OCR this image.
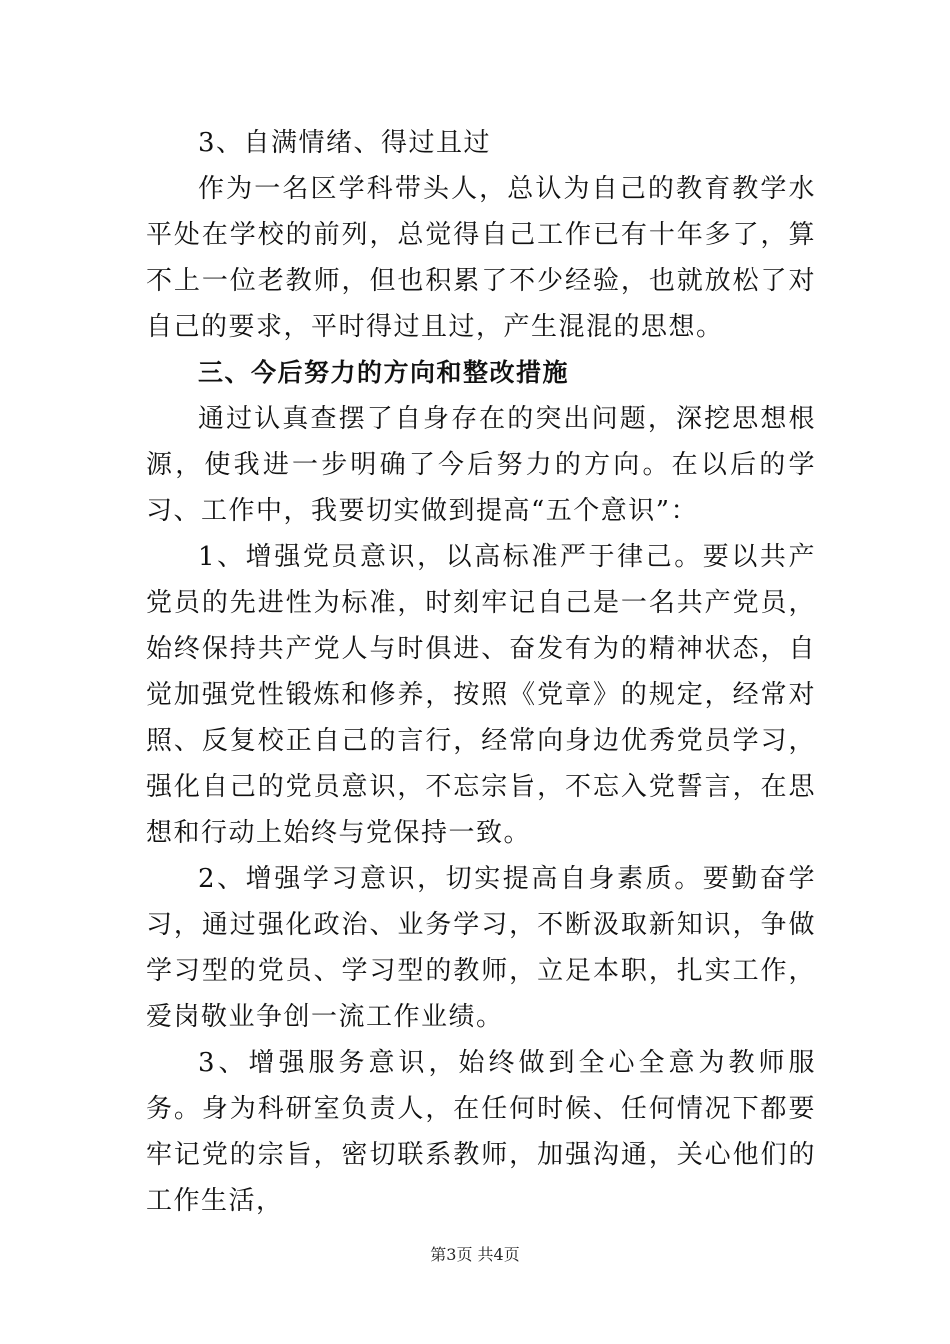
3、自满情绪、得过且过

作为一名区学科带头人，总认为自己的教育教学水平处在学校的前列，总觉得自己工作已有十年多了，算不上一位老教师，但也积累了不少经验，也就放松了对自己的要求，平时得过且过，产生混混的思想。

三、今后努力的方向和整改措施

通过认真查摆了自身存在的突出问题，深挖思想根源，使我进一步明确了今后努力的方向。在以后的学习、工作中，我要切实做到提高“五个意识”：

1、增强党员意识，以高标准严于律己。要以共产党员的先进性为标准，时刻牢记自己是一名共产党员，始终保持共产党人与时俱进、奋发有为的精神状态，自觉加强党性锻炼和修养，按照《党章》的规定，经常对照、反复校正自己的言行，经常向身边优秀党员学习，强化自己的党员意识，不忘宗旨，不忘入党誓言，在思想和行动上始终与党保持一致。

2、增强学习意识，切实提高自身素质。要勤奋学习，通过强化政治、业务学习，不断汲取新知识，争做学习型的党员、学习型的教师，立足本职，扎实工作，爱岗敬业争创一流工作业绩。

3、增强服务意识，始终做到全心全意为教师服务。身为科研室负责人，在任何时候、任何情况下都要牢记党的宗旨，密切联系教师，加强沟通，关心他们的工作生活，

第3页 共4页
